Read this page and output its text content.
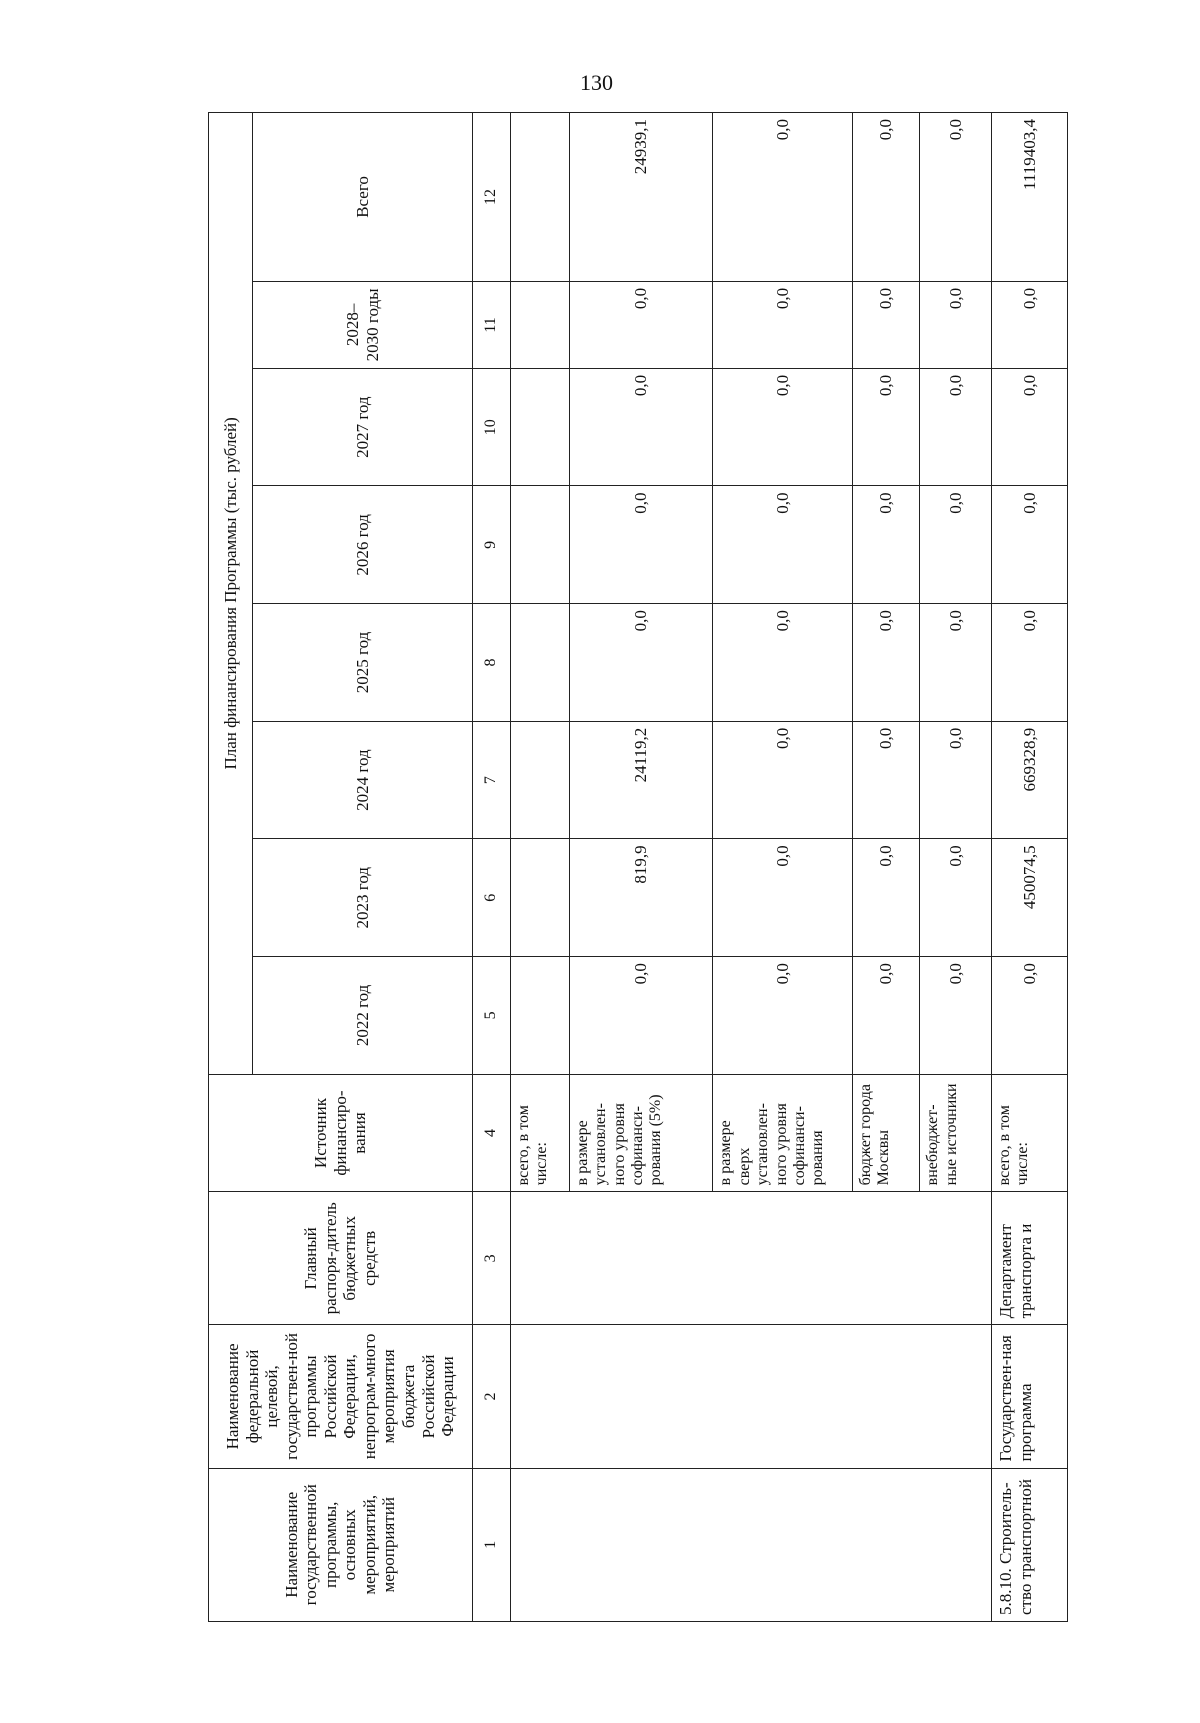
130
Наименование государственной программы, основных мероприятий, мероприятий	Наименование федеральной целевой, государствен-ной программы Российской Федерации, непрограм-много мероприятия бюджета Российской Федерации	Главный распоря-дитель бюджетных средств	Источник финансиро-вания	План финансирования Программы (тыс. рублей)							
				2022 год	2023 год	2024 год	2025 год	2026 год	2027 год	2028–2030 годы	Всего
1	2	3	4	5	6	7	8	9	10	11	12
			всего, в том числе:								
			в размере установлен-ного уровня софинанси-рования (5%)	0,0	819,9	24119,2	0,0	0,0	0,0	0,0	24939,1
			в размере сверх установлен-ного уровня софинанси-рования	0,0	0,0	0,0	0,0	0,0	0,0	0,0	0,0
			бюджет города Москвы	0,0	0,0	0,0	0,0	0,0	0,0	0,0	0,0
			внебюджет-ные источники	0,0	0,0	0,0	0,0	0,0	0,0	0,0	0,0
5.8.10. Строитель-ство транспортной	Государствен-ная программа	Департамент транспорта и	всего, в том числе:	0,0	450074,5	669328,9	0,0	0,0	0,0	0,0	1119403,4
